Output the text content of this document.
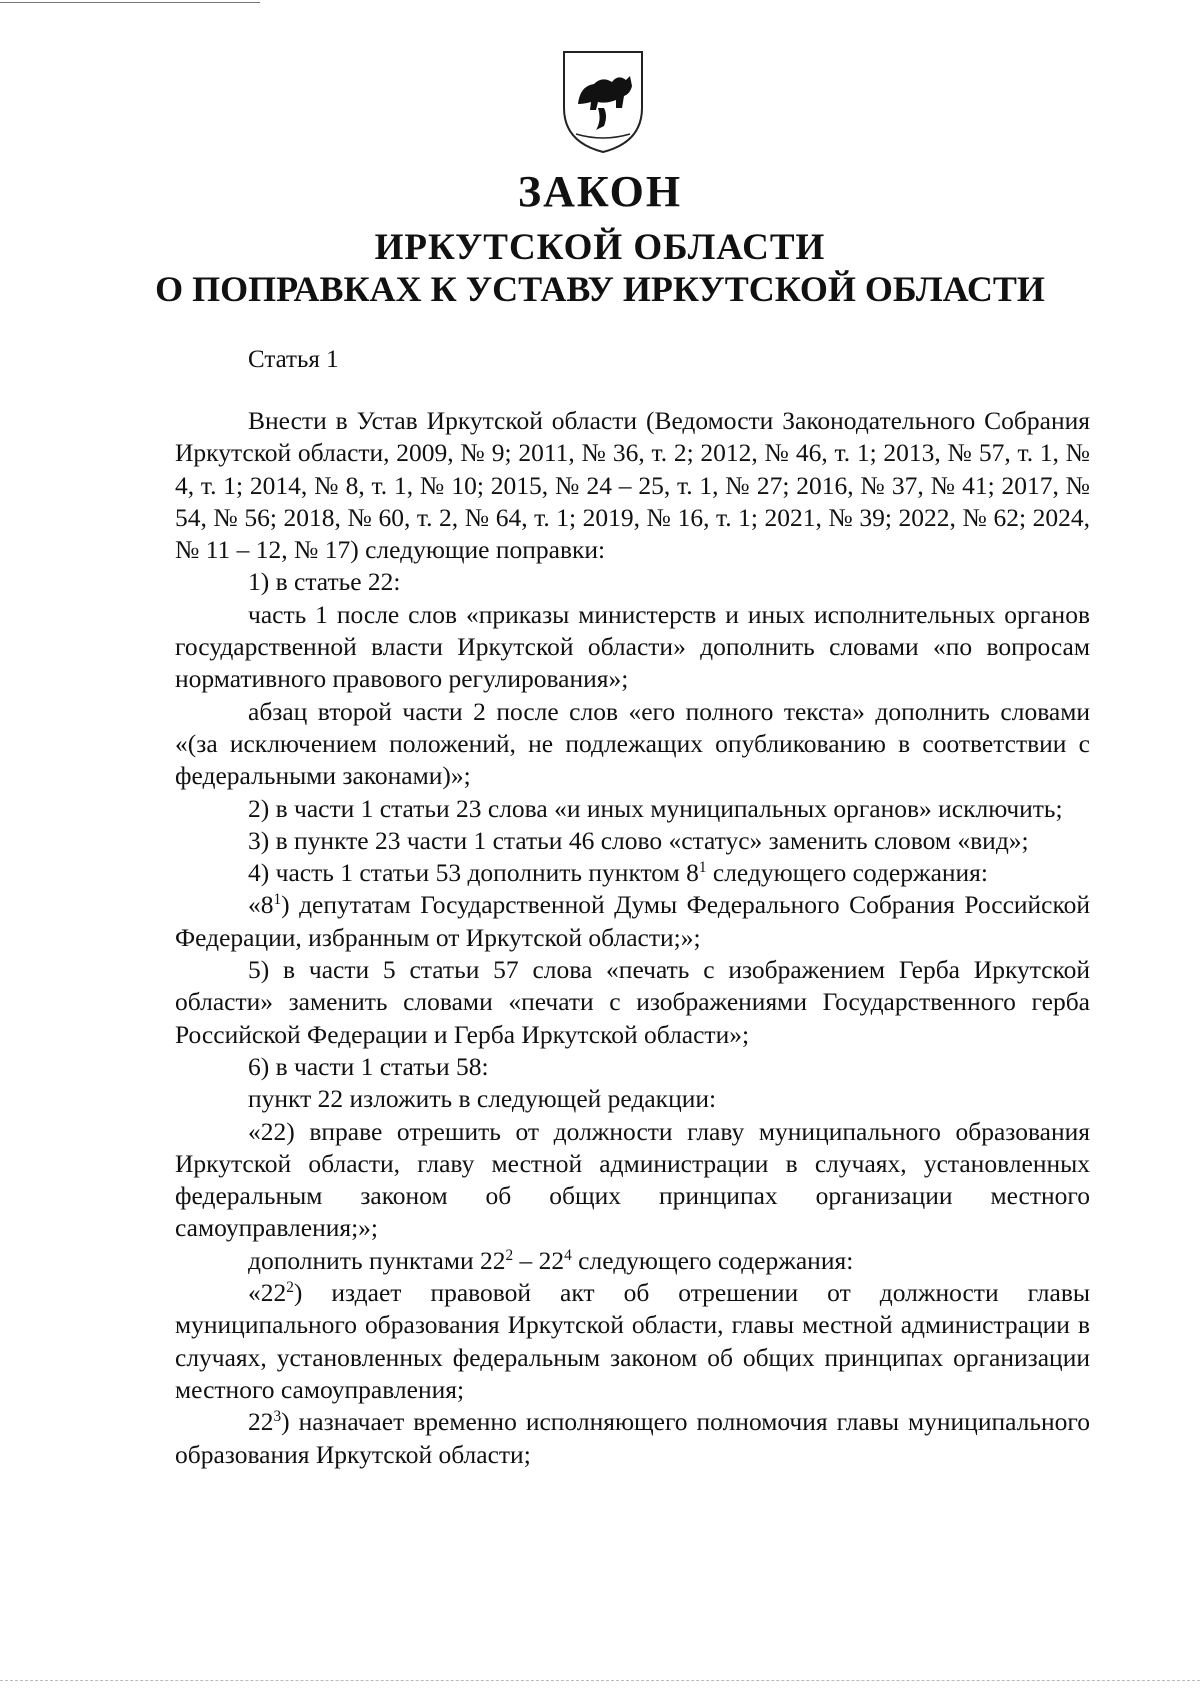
ЗАКОН
ИРКУТСКОЙ ОБЛАСТИ
О ПОПРАВКАХ К УСТАВУ ИРКУТСКОЙ ОБЛАСТИ
Статья 1

Внести в Устав Иркутской области (Ведомости Законодательного Собрания Иркутской области, 2009, № 9; 2011, № 36, т. 2; 2012, № 46, т. 1; 2013, № 57, т. 1, № 4, т. 1; 2014, № 8, т. 1, № 10; 2015, № 24 – 25, т. 1, № 27; 2016, № 37, № 41; 2017, № 54, № 56; 2018, № 60, т. 2, № 64, т. 1; 2019, № 16, т. 1; 2021, № 39; 2022, № 62; 2024, № 11 – 12, № 17) следующие поправки:

1) в статье 22:

часть 1 после слов «приказы министерств и иных исполнительных органов государственной власти Иркутской области» дополнить словами «по вопросам нормативного правового регулирования»;

абзац второй части 2 после слов «его полного текста» дополнить словами «(за исключением положений, не подлежащих опубликованию в соответствии с федеральными законами)»;

2) в части 1 статьи 23 слова «и иных муниципальных органов» исключить;

3) в пункте 23 части 1 статьи 46 слово «статус» заменить словом «вид»;

4) часть 1 статьи 53 дополнить пунктом $8^1$ следующего содержания:

«$8^1$) депутатам Государственной Думы Федерального Собрания Российской Федерации, избранным от Иркутской области;»;

5) в части 5 статьи 57 слова «печать с изображением Герба Иркутской области» заменить словами «печати с изображениями Государственного герба Российской Федерации и Герба Иркутской области»;

6) в части 1 статьи 58:

пункт 22 изложить в следующей редакции:

«22) вправе отрешить от должности главу муниципального образования Иркутской области, главу местной администрации в случаях, установленных федеральным законом об общих принципах организации местного самоуправления;»;

дополнить пунктами $22^2 - 22^4$ следующего содержания:

«$22^2$) издает правовой акт об отрешении от должности главы муниципального образования Иркутской области, главы местной администрации в случаях, установленных федеральным законом об общих принципах организации местного самоуправления;

$22^3$) назначает временно исполняющего полномочия главы муниципального образования Иркутской области;
